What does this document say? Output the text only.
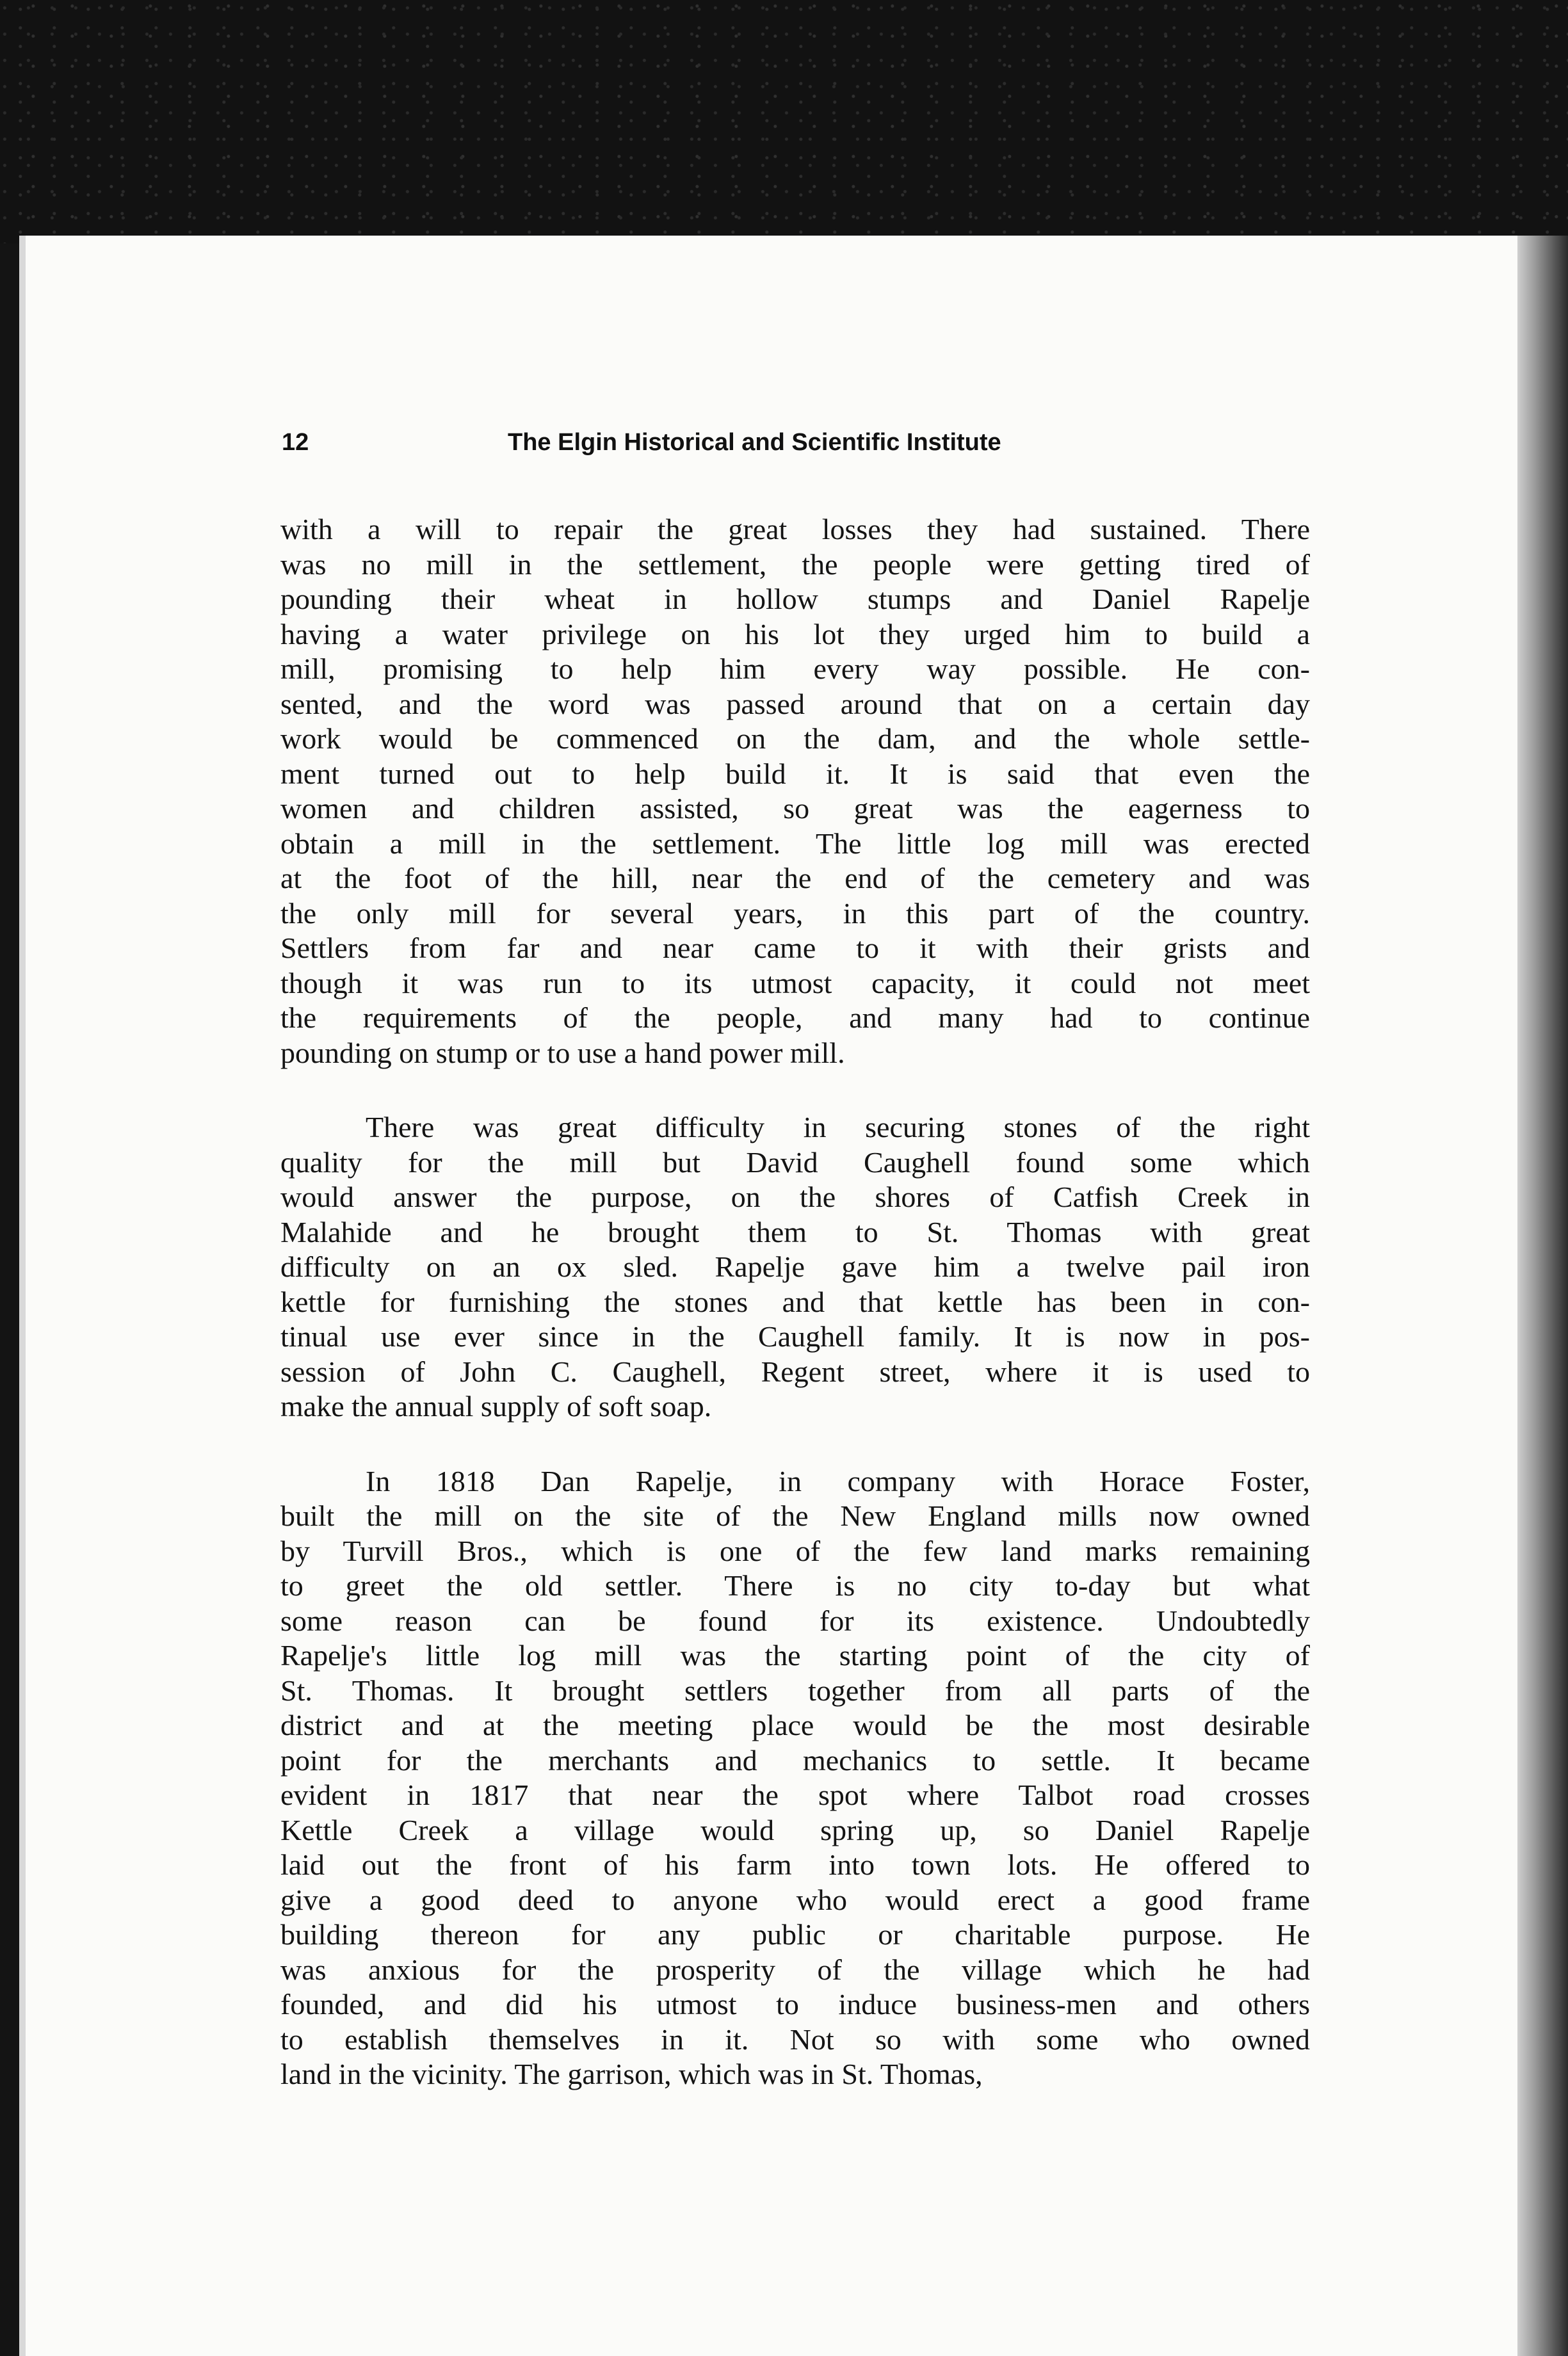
12	The Elgin Historical and Scientific Institute
with a will to repair the great losses they had sustained. There
was no mill in the settlement, the people were getting tired of
pounding their wheat in hollow stumps and Daniel Rapelje
having a water privilege on his lot they urged him to build a
mill, promising to help him every way possible. He con-
sented, and the word was passed around that on a certain day
work would be commenced on the dam, and the whole settle-
ment turned out to help build it. It is said that even the
women and children assisted, so great was the eagerness to
obtain a mill in the settlement. The little log mill was erected
at the foot of the hill, near the end of the cemetery and was
the only mill for several years, in this part of the country.
Settlers from far and near came to it with their grists and
though it was run to its utmost capacity, it could not meet
the requirements of the people, and many had to continue
pounding on stump or to use a hand power mill.
There was great difficulty in securing stones of the right
quality for the mill but David Caughell found some which
would answer the purpose, on the shores of Catfish Creek in
Malahide and he brought them to St. Thomas with great
difficulty on an ox sled. Rapelje gave him a twelve pail iron
kettle for furnishing the stones and that kettle has been in con-
tinual use ever since in the Caughell family. It is now in pos-
session of John C. Caughell, Regent street, where it is used to
make the annual supply of soft soap.
In 1818 Dan Rapelje, in company with Horace Foster,
built the mill on the site of the New England mills now owned
by Turvill Bros., which is one of the few land marks remaining
to greet the old settler. There is no city to-day but what
some reason can be found for its existence. Undoubtedly
Rapelje's little log mill was the starting point of the city of
St. Thomas. It brought settlers together from all parts of the
district and at the meeting place would be the most desirable
point for the merchants and mechanics to settle. It became
evident in 1817 that near the spot where Talbot road crosses
Kettle Creek a village would spring up, so Daniel Rapelje
laid out the front of his farm into town lots. He offered to
give a good deed to anyone who would erect a good frame
building thereon for any public or charitable purpose. He
was anxious for the prosperity of the village which he had
founded, and did his utmost to induce business-men and others
to establish themselves in it. Not so with some who owned
land in the vicinity. The garrison, which was in St. Thomas,
